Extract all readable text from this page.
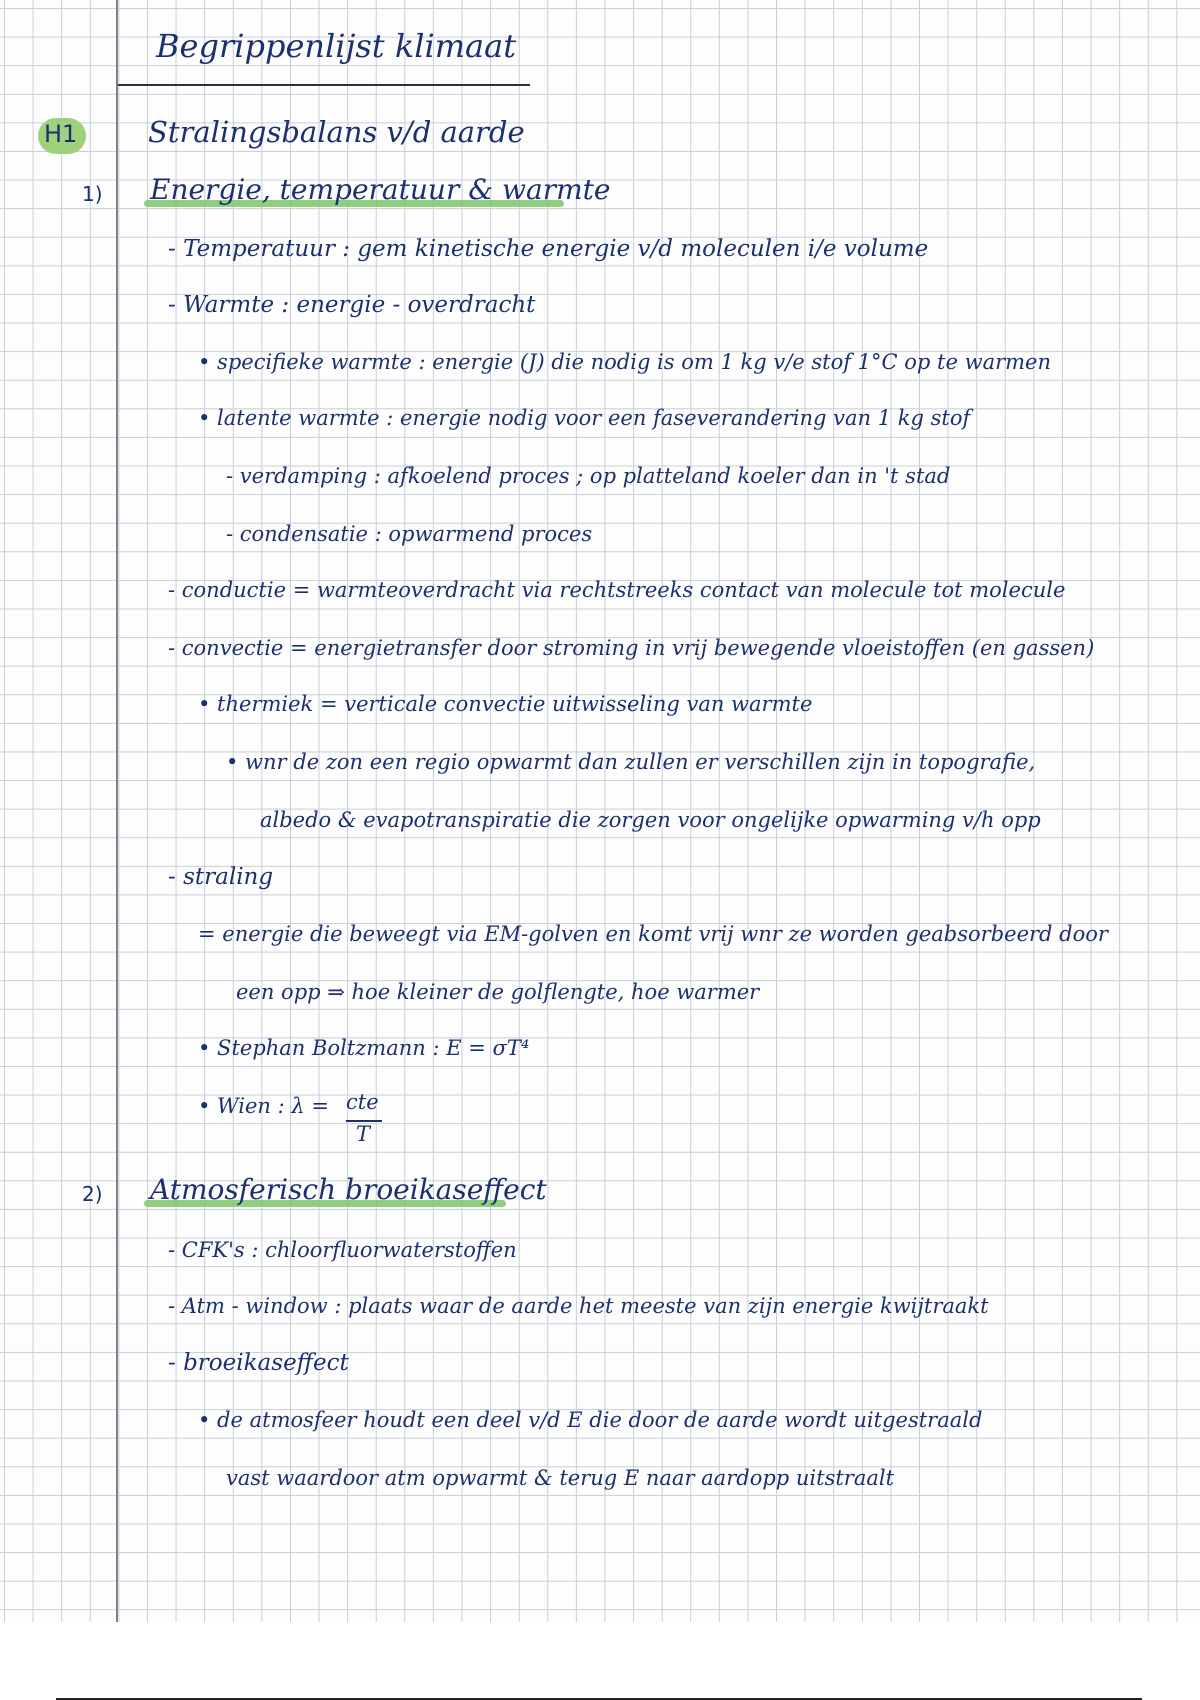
Begrippenlijst klimaat
H1 Stralingsbalans v/d aarde
1) Energie, temperatuur & warmte
- Temperatuur : gem kinetische energie v/d moleculen i/e volume
- Warmte : energie - overdracht
• specifieke warmte : energie (J) die nodig is om 1 kg v/e stof 1°C op te warmen
• latente warmte : energie nodig voor een faseverandering van 1 kg stof
- verdamping : afkoelend proces ; op platteland koeler dan in 't stad
- condensatie : opwarmend proces
- conductie = warmteoverdracht via rechtstreeks contact van molecule tot molecule
- convectie = energietransfer door stroming in vrij bewegende vloeistoffen (en gassen)
• thermiek = verticale convectie uitwisseling van warmte
• wnr de zon een regio opwarmt dan zullen er verschillen zijn in topografie,
albedo & evapotranspiratie die zorgen voor ongelijke opwarming v/h opp
- straling
= energie die beweegt via EM-golven en komt vrij wnr ze worden geabsorbeerd door
een opp ⇒ hoe kleiner de golflengte, hoe warmer
• Stephan Boltzmann : E = σT⁴
• Wien : λ = cte
T
2) Atmosferisch broeikaseffect
- CFK's : chloorfluorwaterstoffen
- Atm - window : plaats waar de aarde het meeste van zijn energie kwijtraakt
- broeikaseffect
• de atmosfeer houdt een deel v/d E die door de aarde wordt uitgestraald
vast waardoor atm opwarmt & terug E naar aardopp uitstraalt
